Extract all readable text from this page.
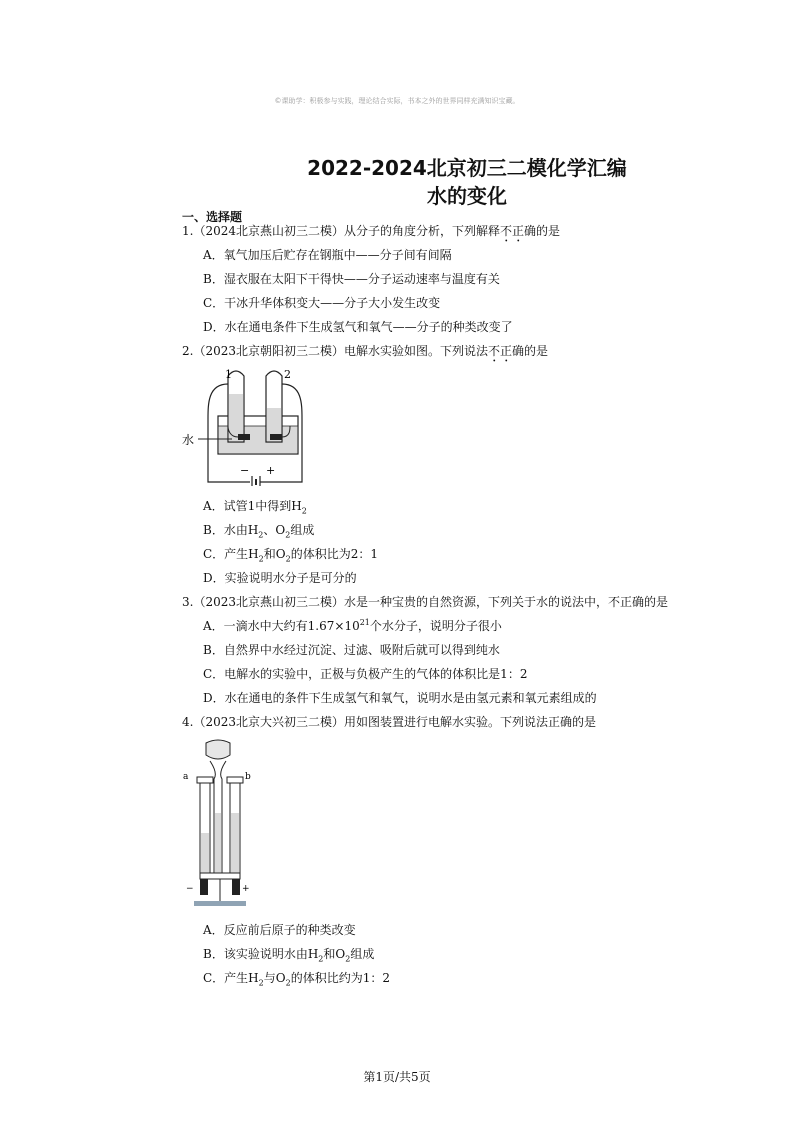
©课助学：积极参与实践，理论结合实际，书本之外的世界同样充满知识宝藏。
2022-2024北京初三二模化学汇编
水的变化
一、选择题
1.（2024北京燕山初三二模）从分子的角度分析，下列解释不正确的是
A．氧气加压后贮存在钢瓶中——分子间有间隔
B．湿衣服在太阳下干得快——分子运动速率与温度有关
C．干冰升华体积变大——分子大小发生改变
D．水在通电条件下生成氢气和氧气——分子的种类改变了
2.（2023北京朝阳初三二模）电解水实验如图。下列说法不正确的是
1	2
水
− +
A．试管1中得到$H_2$
B．水由$H_2$、$O_2$组成
C．产生$H_2$和$O_2$的体积比为2：1
D．实验说明水分子是可分的
3.（2023北京燕山初三二模）水是一种宝贵的自然资源，下列关于水的说法中，不正确的是
A．一滴水中大约有$1.67\times 10^{21}$个水分子，说明分子很小
B．自然界中水经过沉淀、过滤、吸附后就可以得到纯水
C．电解水的实验中，正极与负极产生的气体的体积比是1：2
D．水在通电的条件下生成氢气和氧气，说明水是由氢元素和氧元素组成的
4.（2023北京大兴初三二模）用如图装置进行电解水实验。下列说法正确的是
a	b
−	+
A．反应前后原子的种类改变
B．该实验说明水由$H_2$和$O_2$组成
C．产生$H_2$与$O_2$的体积比约为1：2
第1页/共5页
